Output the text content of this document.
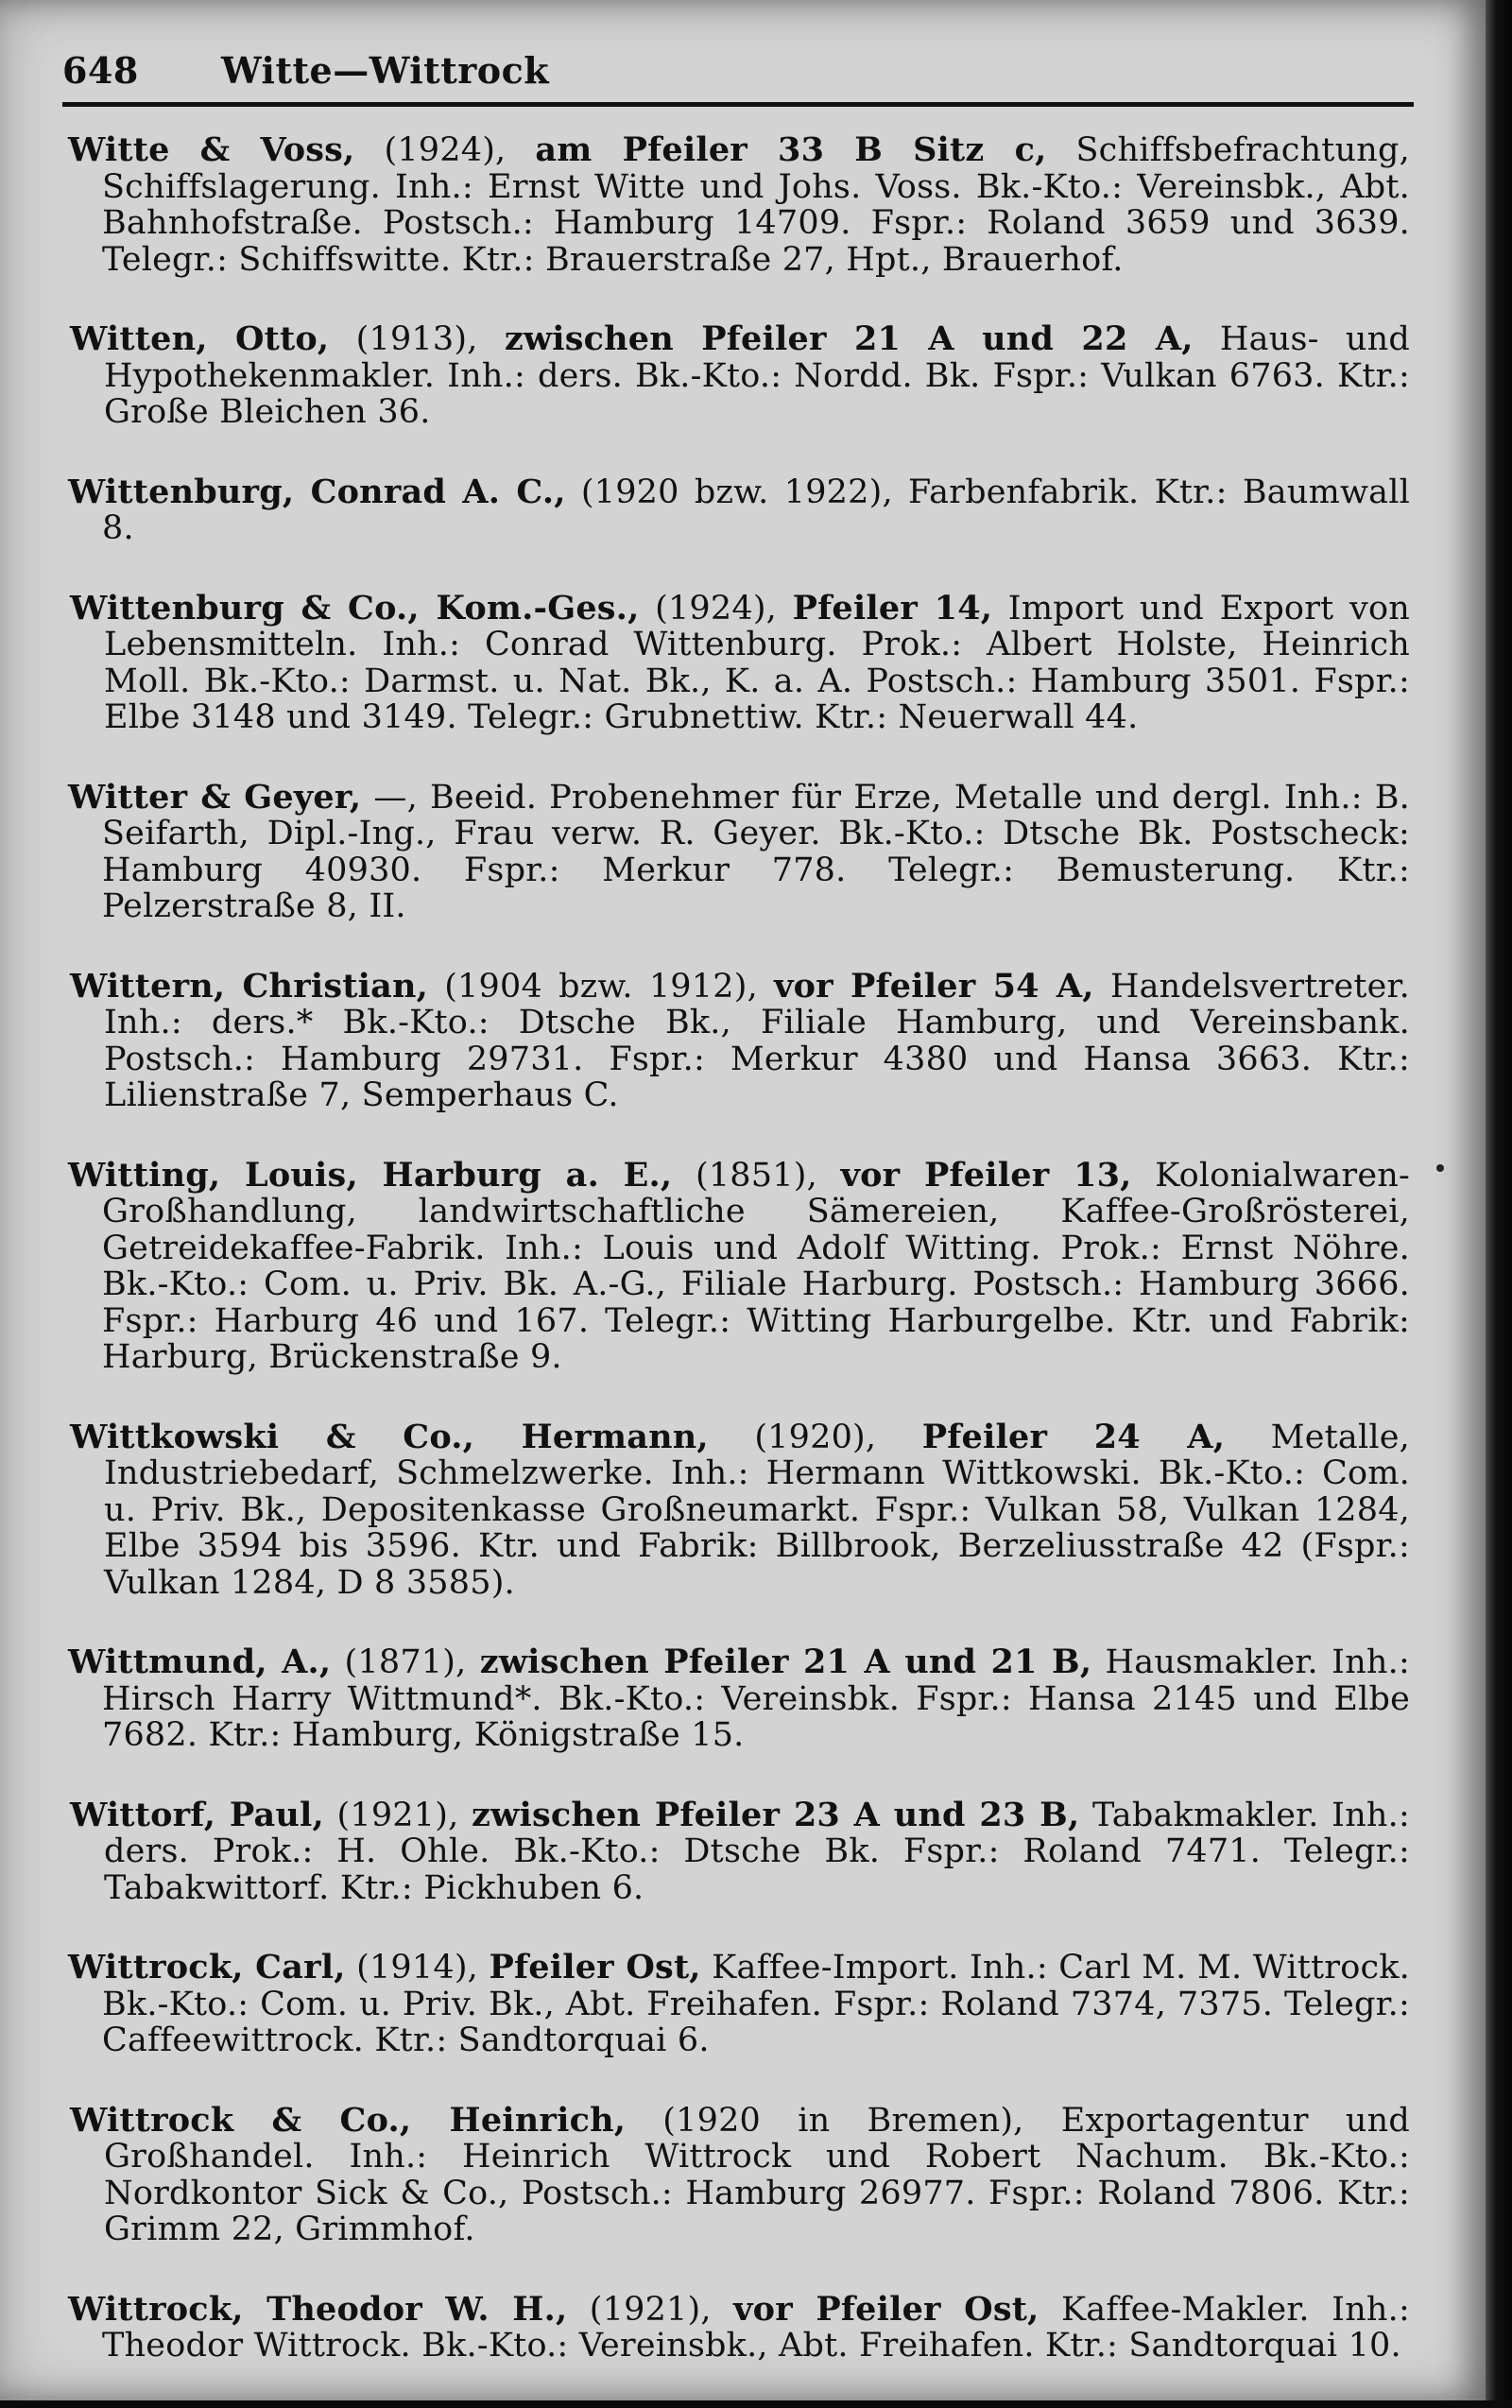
648 Witte—Wittrock

Witte & Voss, (1924), am Pfeiler 33 B Sitz c, Schiffsbefrachtung, Schiffslagerung. Inh.: Ernst Witte und Johs. Voss. Bk.-Kto.: Vereinsbk., Abt. Bahnhofstraße. Postsch.: Hamburg 14709. Fspr.: Roland 3659 und 3639. Telegr.: Schiffswitte. Ktr.: Brauerstraße 27, Hpt., Brauerhof.

Witten, Otto, (1913), zwischen Pfeiler 21 A und 22 A, Haus- und Hypothekenmakler. Inh.: ders. Bk.-Kto.: Nordd. Bk. Fspr.: Vulkan 6763. Ktr.: Große Bleichen 36.

Wittenburg, Conrad A. C., (1920 bzw. 1922), Farbenfabrik. Ktr.: Baumwall 8.

Wittenburg & Co., Kom.-Ges., (1924), Pfeiler 14, Import und Export von Lebensmitteln. Inh.: Conrad Wittenburg. Prok.: Albert Holste, Heinrich Moll. Bk.-Kto.: Darmst. u. Nat. Bk., K. a. A. Postsch.: Hamburg 3501. Fspr.: Elbe 3148 und 3149. Telegr.: Grubnettiw. Ktr.: Neuerwall 44.

Witter & Geyer, —, Beeid. Probenehmer für Erze, Metalle und dergl. Inh.: B. Seifarth, Dipl.-Ing., Frau verw. R. Geyer. Bk.-Kto.: Dtsche Bk. Postscheck: Hamburg 40930. Fspr.: Merkur 778. Telegr.: Bemusterung. Ktr.: Pelzerstraße 8, II.

Wittern, Christian, (1904 bzw. 1912), vor Pfeiler 54 A, Handelsvertreter. Inh.: ders.* Bk.-Kto.: Dtsche Bk., Filiale Hamburg, und Vereinsbank. Postsch.: Hamburg 29731. Fspr.: Merkur 4380 und Hansa 3663. Ktr.: Lilienstraße 7, Semperhaus C.

Witting, Louis, Harburg a. E., (1851), vor Pfeiler 13, Kolonialwaren-Großhandlung, landwirtschaftliche Sämereien, Kaffee-Großrösterei, Getreidekaffee-Fabrik. Inh.: Louis und Adolf Witting. Prok.: Ernst Nöhre. Bk.-Kto.: Com. u. Priv. Bk. A.-G., Filiale Harburg. Postsch.: Hamburg 3666. Fspr.: Harburg 46 und 167. Telegr.: Witting Harburgelbe. Ktr. und Fabrik: Harburg, Brückenstraße 9.

Wittkowski & Co., Hermann, (1920), Pfeiler 24 A, Metalle, Industriebedarf, Schmelzwerke. Inh.: Hermann Wittkowski. Bk.-Kto.: Com. u. Priv. Bk., Depositenkasse Großneumarkt. Fspr.: Vulkan 58, Vulkan 1284, Elbe 3594 bis 3596. Ktr. und Fabrik: Billbrook, Berzeliusstraße 42 (Fspr.: Vulkan 1284, D 8 3585).

Wittmund, A., (1871), zwischen Pfeiler 21 A und 21 B, Hausmakler. Inh.: Hirsch Harry Wittmund*. Bk.-Kto.: Vereinsbk. Fspr.: Hansa 2145 und Elbe 7682. Ktr.: Hamburg, Königstraße 15.

Wittorf, Paul, (1921), zwischen Pfeiler 23 A und 23 B, Tabakmakler. Inh.: ders. Prok.: H. Ohle. Bk.-Kto.: Dtsche Bk. Fspr.: Roland 7471. Telegr.: Tabakwittorf. Ktr.: Pickhuben 6.

Wittrock, Carl, (1914), Pfeiler Ost, Kaffee-Import. Inh.: Carl M. M. Wittrock. Bk.-Kto.: Com. u. Priv. Bk., Abt. Freihafen. Fspr.: Roland 7374, 7375. Telegr.: Caffeewittrock. Ktr.: Sandtorquai 6.

Wittrock & Co., Heinrich, (1920 in Bremen), Exportagentur und Großhandel. Inh.: Heinrich Wittrock und Robert Nachum. Bk.-Kto.: Nordkontor Sick & Co., Postsch.: Hamburg 26977. Fspr.: Roland 7806. Ktr.: Grimm 22, Grimmhof.

Wittrock, Theodor W. H., (1921), vor Pfeiler Ost, Kaffee-Makler. Inh.: Theodor Wittrock. Bk.-Kto.: Vereinsbk., Abt. Freihafen. Ktr.: Sandtorquai 10.
